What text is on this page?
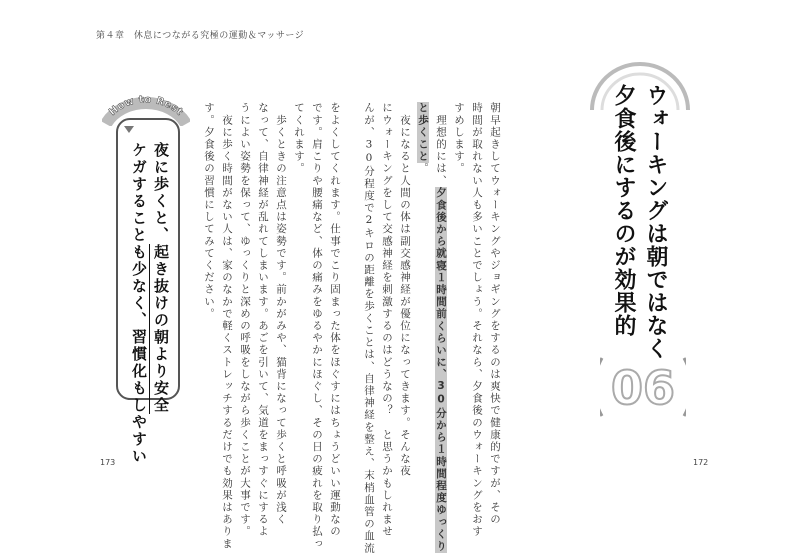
第４章 休息につながる究極の運動＆マッサージ
ウォーキングは朝ではなく
夕食後にするのが効果的
06
朝早起きしてウォーキングやジョギングをするのは爽快で健康的ですが、その
時間が取れない人も多いことでしょう。それなら、夕食後のウォーキングをおす
すめします。
　理想的には、夕食後から就寝１時間前くらいに、30分から１時間程度ゆっくり
と歩くこと。
　夜になると人間の体は副交感神経が優位になってきます。そんな夜
にウォーキングをして交感神経を刺激するのはどうなの？　と思うかもしれませ
んが、30分程度で2キロの距離を歩くことは、自律神経を整え、末梢血管の血流
をよくしてくれます。仕事でこり固まった体をほぐすにはちょうどいい運動なの
です。肩こりや腰痛など、体の痛みをゆるやかにほぐし、その日の疲れを取り払っ
てくれます。
　歩くときの注意点は姿勢です。前かがみや、猫背になって歩くと呼吸が浅く
なって、自律神経が乱れてしまいます。あごを引いて、気道をまっすぐにするよ
うによい姿勢を保って、ゆっくりと深めの呼吸をしながら歩くことが大事です。
　夜に歩く時間がない人は、家のなかで軽くストレッチするだけでも効果はありま
す。夕食後の習慣にしてみてください。
How to Rest
夜に歩くと、起き抜けの朝より安全
ケガすることも少なく、習慣化もしやすい
173	172
